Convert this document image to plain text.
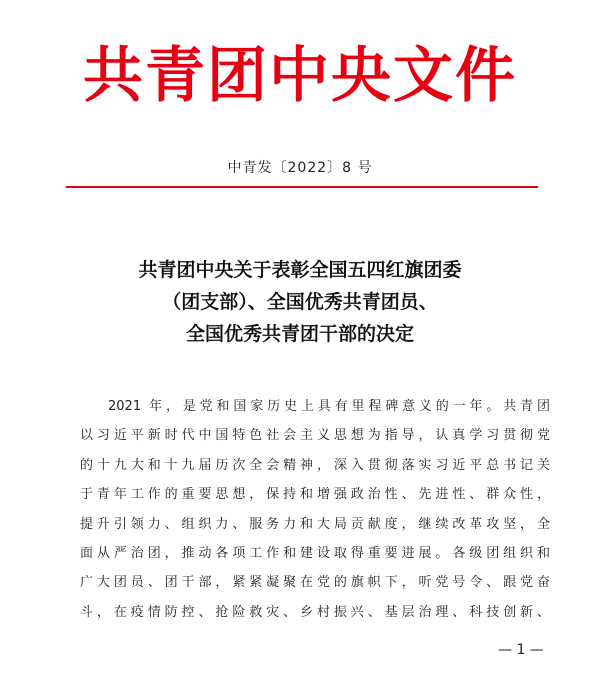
共青团中央文件
中青发〔2022〕8 号
共青团中央关于表彰全国五四红旗团委
（团支部）、全国优秀共青团员、
全国优秀共青团干部的决定
2021 年，是党和国家历史上具有里程碑意义的一年。共青团
以习近平新时代中国特色社会主义思想为指导，认真学习贯彻党
的十九大和十九届历次全会精神，深入贯彻落实习近平总书记关
于青年工作的重要思想，保持和增强政治性、先进性、群众性，
提升引领力、组织力、服务力和大局贡献度，继续改革攻坚，全
面从严治团，推动各项工作和建设取得重要进展。各级团组织和
广大团员、团干部，紧紧凝聚在党的旗帜下，听党号令、跟党奋
斗，在疫情防控、抢险救灾、乡村振兴、基层治理、科技创新、
— 1 —
